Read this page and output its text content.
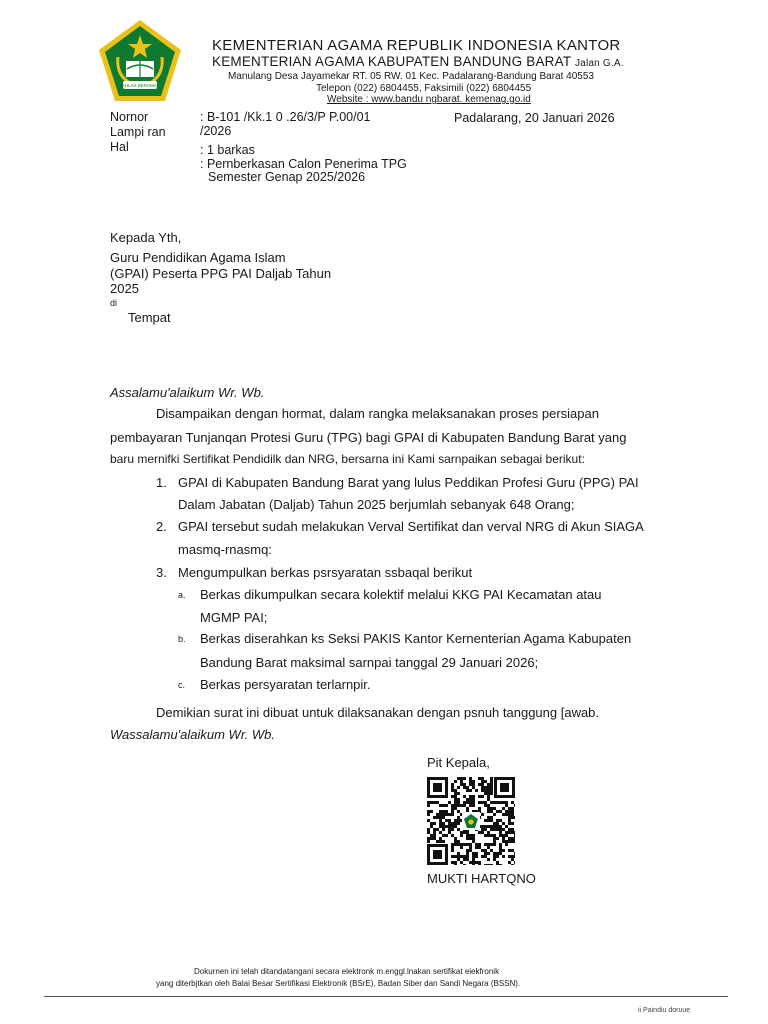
IKHLAS BERAMAL
KEMENTERIAN AGAMA REPUBLIK INDONESIA KANTOR
KEMENTERIAN AGAMA KABUPATEN BANDUNG BARAT Jalan G.A.
Manulang Desa Jayamekar RT. 05 RW. 01 Kec. Padalarang-Bandung Barat 40553
Telepon (022) 6804455, Faksimili (022) 6804455
Website : www.bandu ngbarat. kemenag.go.id
Nornor
Lampi ran
Hal
: B-101 /Kk.1 0 .26/3/P P.00/01
/2026
: 1 barkas
: Pernberkasan Calon Penerima TPG
Semester Genap 2025/2026
Padalarang, 20 Januari 2026
Kepada Yth,
Guru Pendidikan Agama Islam
(GPAI) Peserta PPG PAI Daljab Tahun
2025
di
Tempat
Assalamu'alaikum Wr. Wb.
Disampaikan dengan hormat, dalam rangka melaksanakan proses persiapan
pembayaran Tunjanqan Protesi Guru (TPG) bagi GPAI di Kabupaten Bandung Barat yang
baru mernifki Sertifikat Pendidilk dan NRG, bersarna ini Kami sarnpaikan sebagai berikut:
1. GPAI di Kabupaten Bandung Barat yang lulus Peddikan Profesi Guru (PPG) PAI
Dalam Jabatan (Daljab) Tahun 2025 berjumlah sebanyak 648 Orang;
2. GPAI tersebut sudah melakukan Verval Sertifikat dan verval NRG di Akun SIAGA
masmq-rnasmq:
3. Mengumpulkan berkas psrsyaratan ssbaqal berikut
a. Berkas dikumpulkan secara kolektif melalui KKG PAI Kecamatan atau
MGMP PAI;
b. Berkas diserahkan ks Seksi PAKIS Kantor Kernenterian Agama Kabupaten
Bandung Barat maksimal sarnpai tanggal 29 Januari 2026;
c. Berkas persyaratan terlarnpir.
Demikian surat ini dibuat untuk dilaksanakan dengan psnuh tanggung [awab.
Wassalamu'alaikum Wr. Wb.
Pit Kepala,
MUKTI HARTQNO
Dokurnen ini telah ditandatangani secara elektronk m.enggl.lnakan sertifikat eiekfronik
yang diterbjtkan oleh Balai Besar Sertifikasi Elektronik (BSrE), Badan Siber dan Sandi Negara (BSSN).
ii Paindiu doruue
